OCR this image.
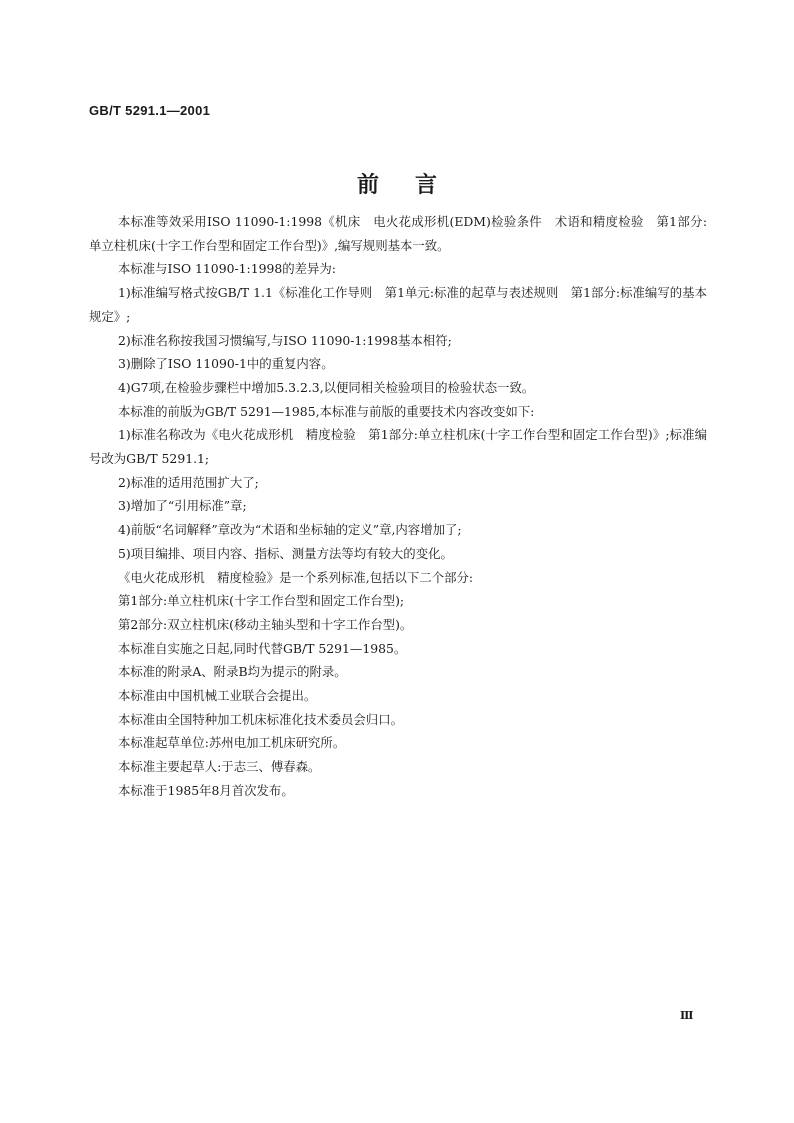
GB/T 5291.1—2001
前言

本标准等效采用ISO 11090-1:1998《机床　电火花成形机(EDM)检验条件　术语和精度检验　第1部分:单立柱机床(十字工作台型和固定工作台型)》,编写规则基本一致。

本标准与ISO 11090-1:1998的差异为:

1)标准编写格式按GB/T 1.1《标准化工作导则　第1单元:标准的起草与表述规则　第1部分:标准编写的基本规定》;

2)标准名称按我国习惯编写,与ISO 11090-1:1998基本相符;

3)删除了ISO 11090-1中的重复内容。

4)G7项,在检验步骤栏中增加5.3.2.3,以便同相关检验项目的检验状态一致。

本标准的前版为GB/T 5291—1985,本标准与前版的重要技术内容改变如下:

1)标准名称改为《电火花成形机　精度检验　第1部分:单立柱机床(十字工作台型和固定工作台型)》;标准编号改为GB/T 5291.1;

2)标准的适用范围扩大了;

3)增加了“引用标准”章;

4)前版“名词解释”章改为“术语和坐标轴的定义”章,内容增加了;

5)项目编排、项目内容、指标、测量方法等均有较大的变化。

《电火花成形机　精度检验》是一个系列标准,包括以下二个部分:

第1部分:单立柱机床(十字工作台型和固定工作台型);

第2部分:双立柱机床(移动主轴头型和十字工作台型)。

本标准自实施之日起,同时代替GB/T 5291—1985。

本标准的附录A、附录B均为提示的附录。

本标准由中国机械工业联合会提出。

本标准由全国特种加工机床标准化技术委员会归口。

本标准起草单位:苏州电加工机床研究所。

本标准主要起草人:于志三、傅春森。

本标准于1985年8月首次发布。

Ⅲ
